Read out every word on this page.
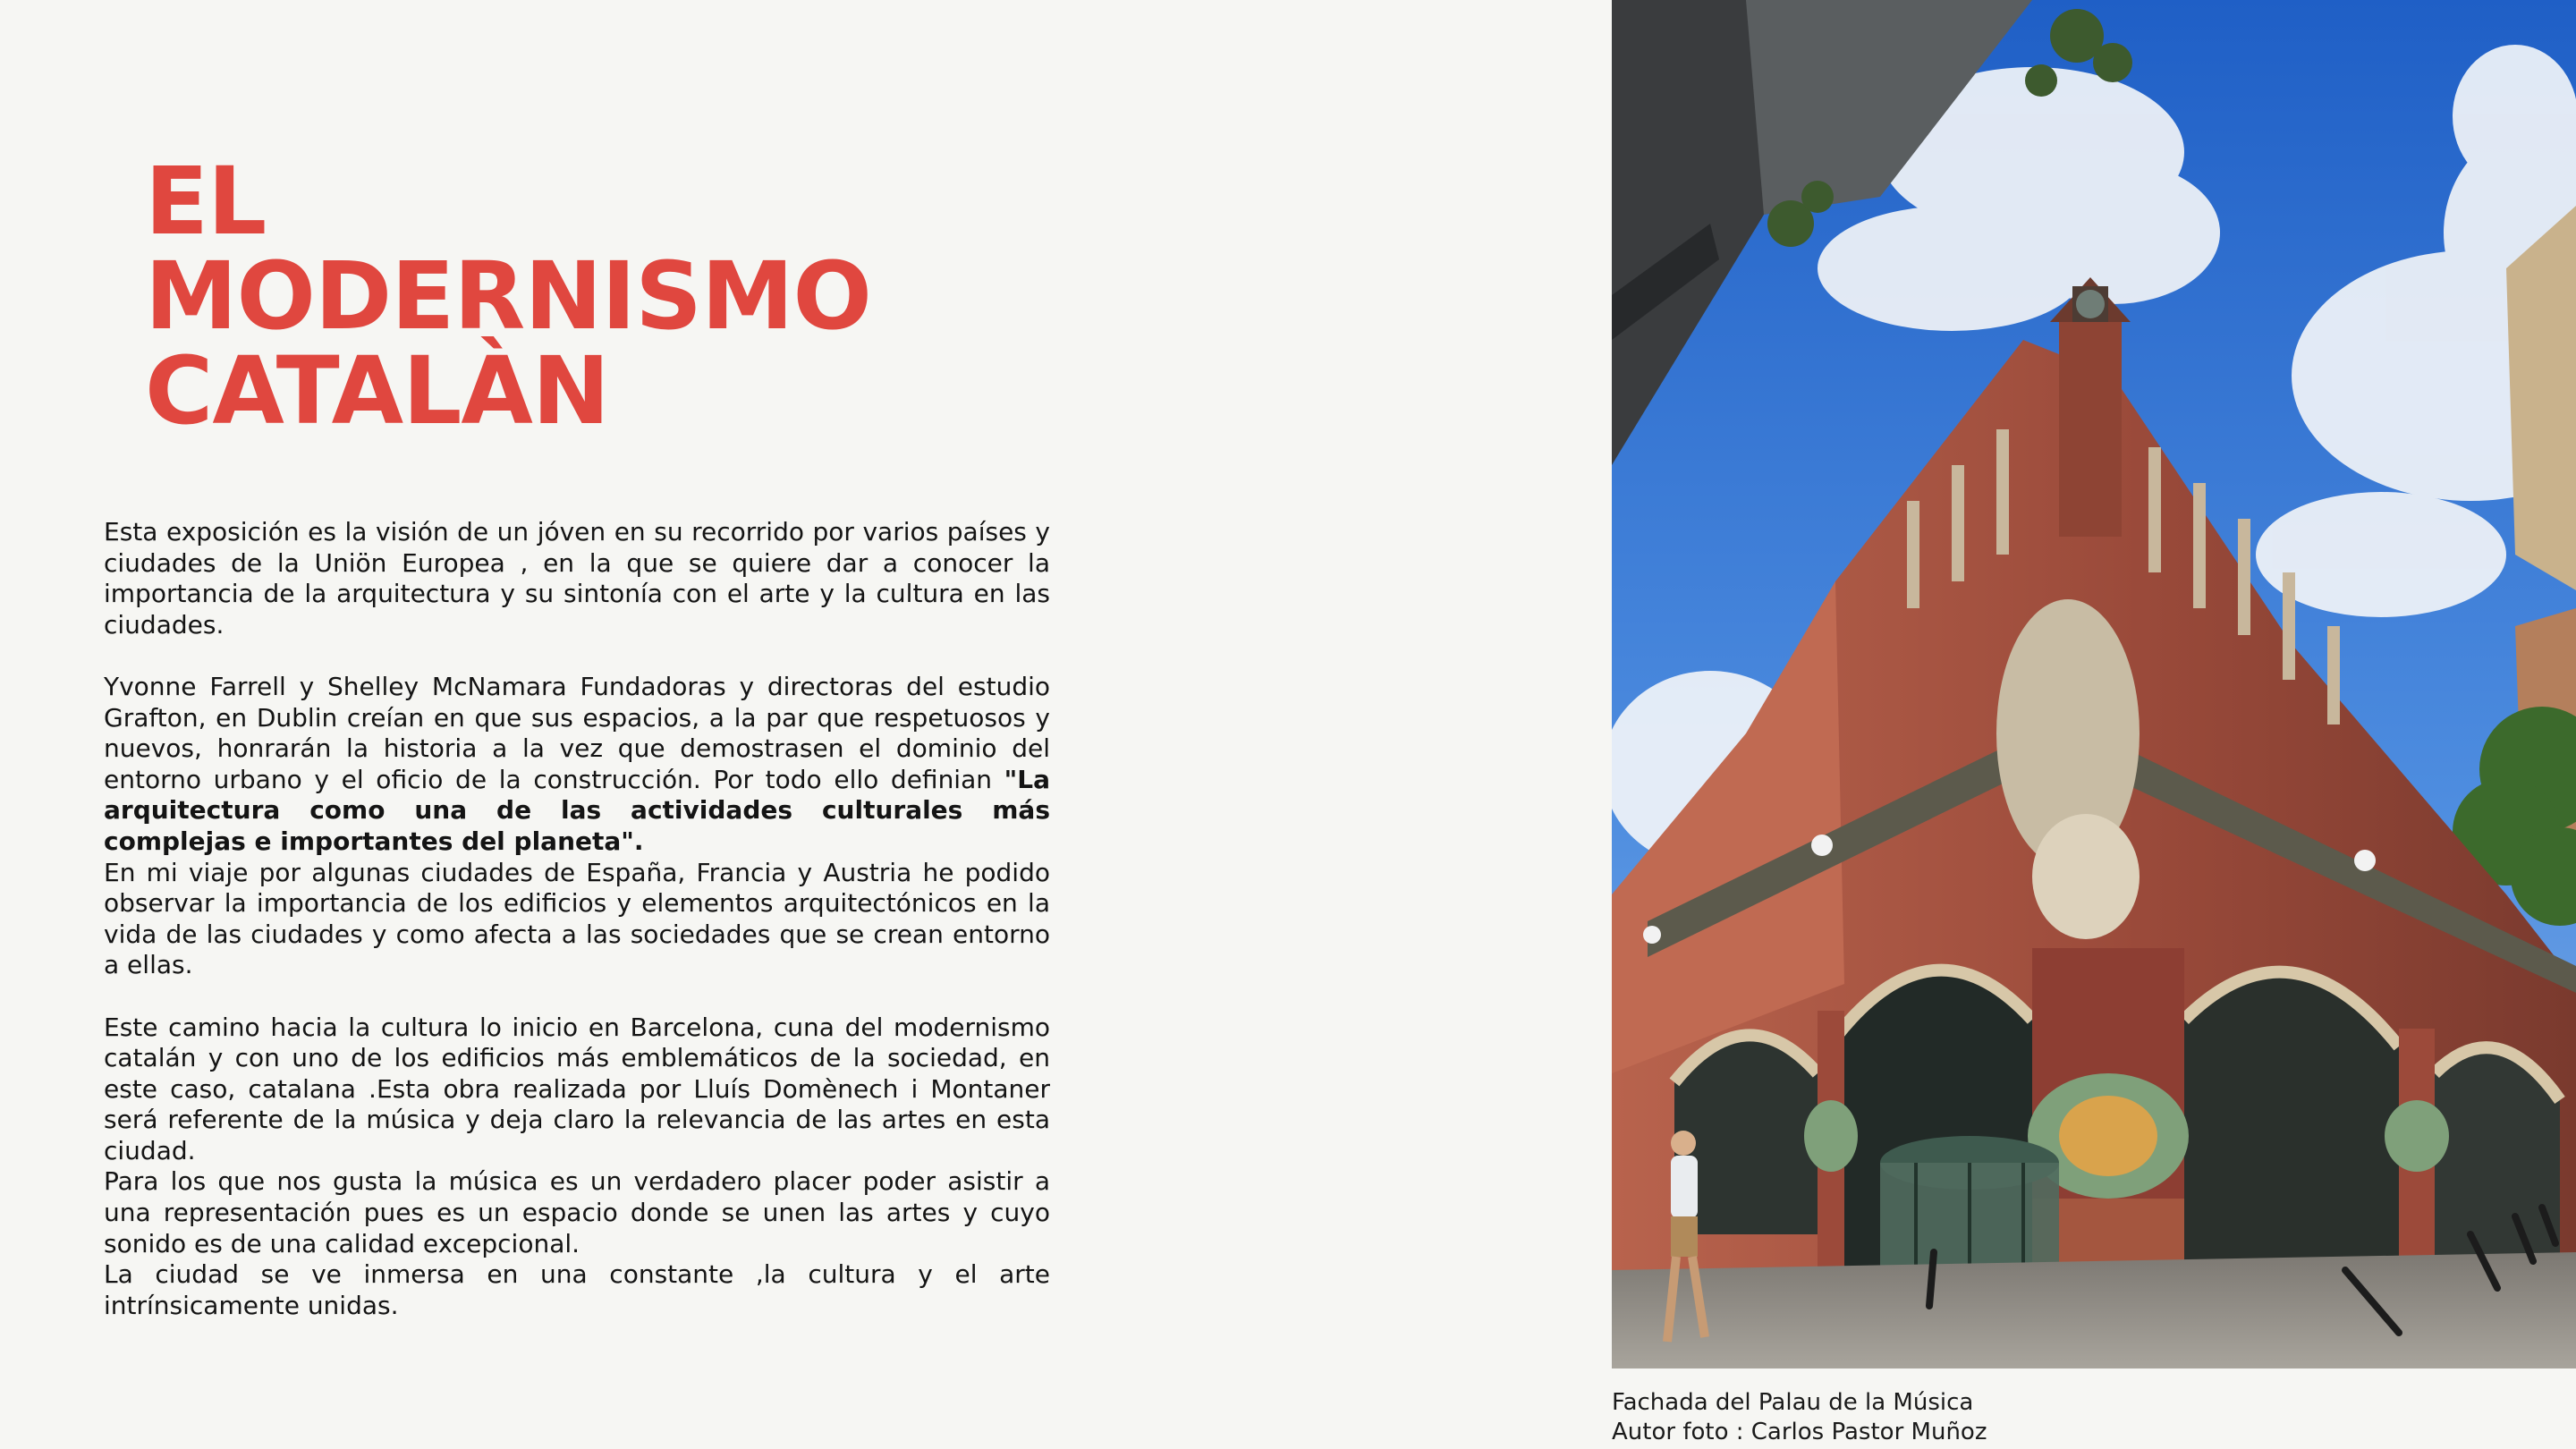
EL
MODERNISMO
CATALÀN

Esta exposición es la visión de un jóven en su recorrido por varios países y ciudades de la Uniön Europea , en la que se quiere dar a conocer la importancia de la arquitectura y su sintonía con el arte y la cultura en las ciudades.

Yvonne Farrell y Shelley McNamara Fundadoras y directoras del estudio Grafton, en Dublin creían en que sus espacios, a la par que respetuosos y nuevos, honrarán la historia a la vez que demostrasen el dominio del entorno urbano y el oficio de la construcción. Por todo ello definian "La arquitectura como una de las actividades culturales más complejas e importantes del planeta".

En mi viaje por algunas ciudades de España, Francia y Austria he podido observar la importancia de los edificios y elementos arquitectónicos en la vida de las ciudades y como afecta a las sociedades que se crean entorno a ellas.

Este camino hacia la cultura lo inicio en Barcelona, cuna del modernismo catalán y con uno de los edificios más emblemáticos de la sociedad, en este caso, catalana .Esta obra realizada por Lluís Domènech i Montaner será referente de la música y deja claro la relevancia de las artes en esta ciudad.

Para los que nos gusta la música es un verdadero placer poder asistir a una representación pues es un espacio donde se unen las artes y cuyo sonido es de una calidad excepcional.

La ciudad se ve inmersa en una constante ,la cultura y el arte intrínsicamente unidas.

Fachada del Palau de la Música
Autor foto : Carlos Pastor Muñoz
